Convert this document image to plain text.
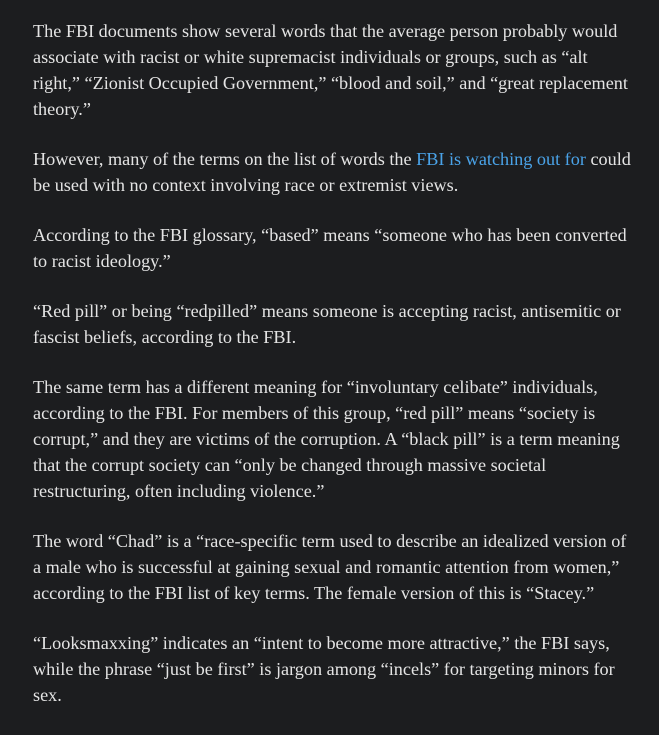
The FBI documents show several words that the average person probably would associate with racist or white supremacist individuals or groups, such as “alt right,” “Zionist Occupied Government,” “blood and soil,” and “great replacement theory.”

However, many of the terms on the list of words the FBI is watching out for could be used with no context involving race or extremist views.

According to the FBI glossary, “based” means “someone who has been converted to racist ideology.”

“Red pill” or being “redpilled” means someone is accepting racist, antisemitic or fascist beliefs, according to the FBI.

The same term has a different meaning for “involuntary celibate” individuals, according to the FBI. For members of this group, “red pill” means “society is corrupt,” and they are victims of the corruption. A “black pill” is a term meaning that the corrupt society can “only be changed through massive societal restructuring, often including violence.”

The word “Chad” is a “race-specific term used to describe an idealized version of a male who is successful at gaining sexual and romantic attention from women,” according to the FBI list of key terms. The female version of this is “Stacey.”

“Looksmaxxing” indicates an “intent to become more attractive,” the FBI says, while the phrase “just be first” is jargon among “incels” for targeting minors for sex.
